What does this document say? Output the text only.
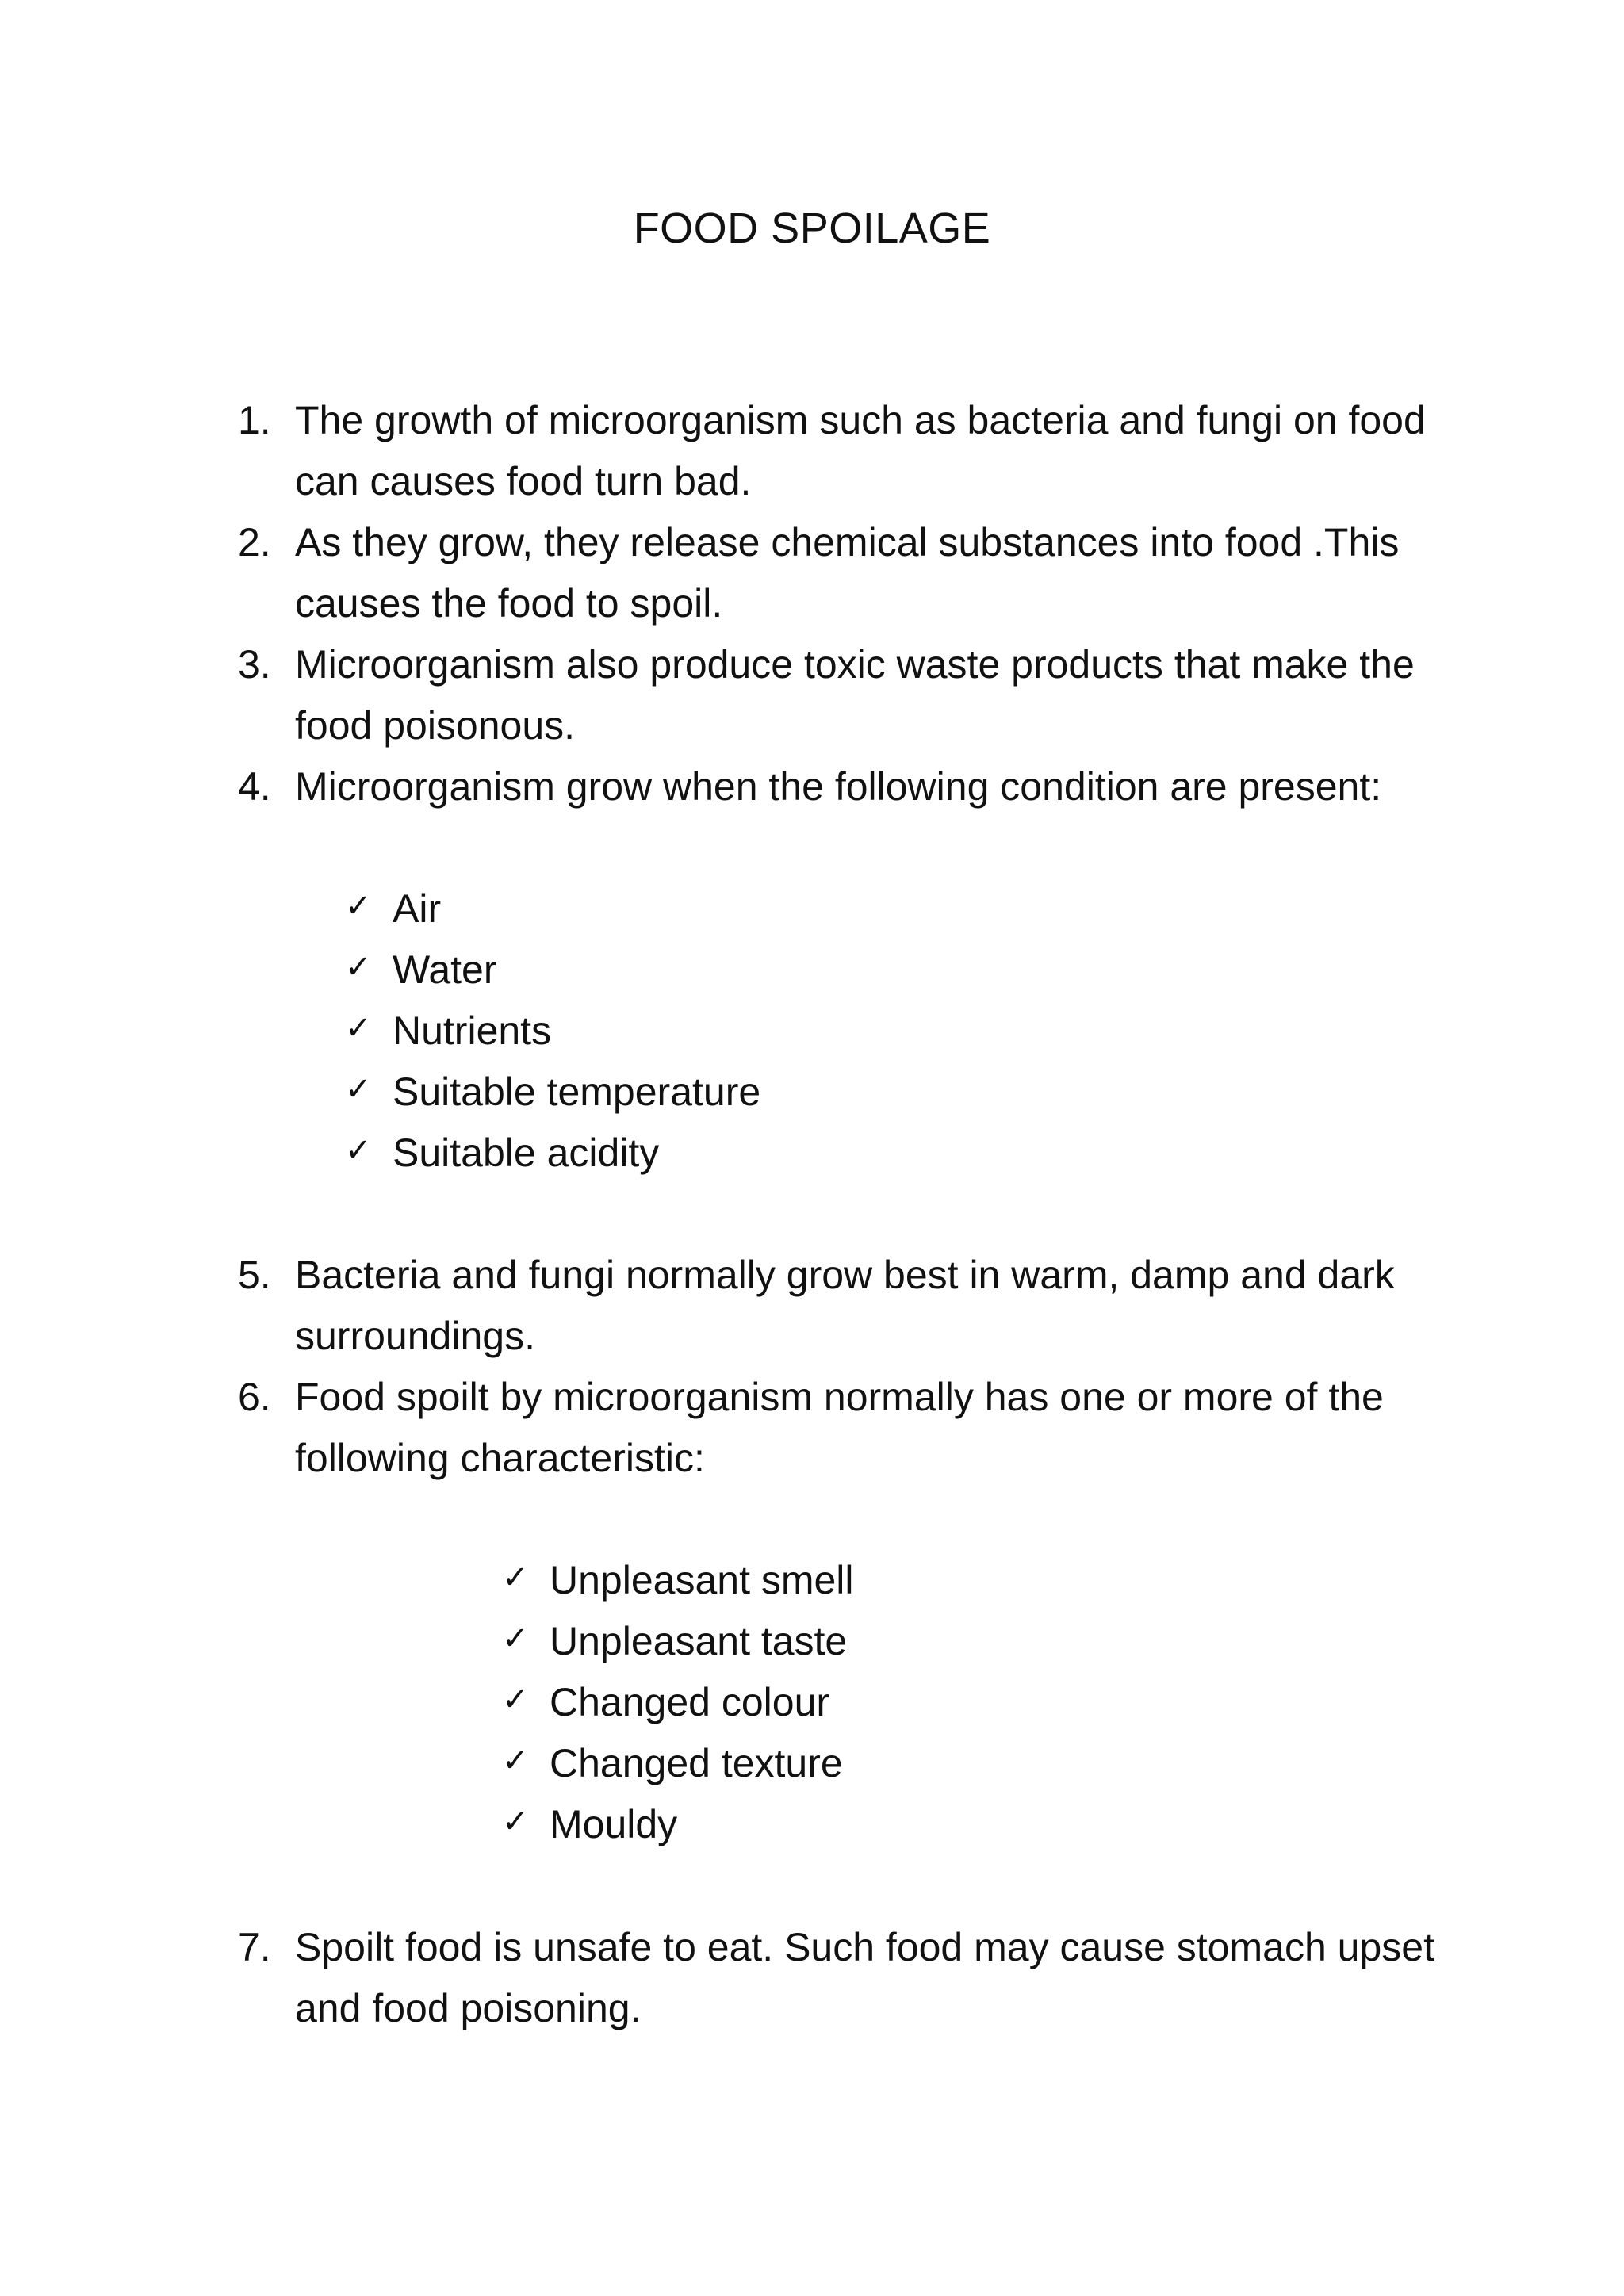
FOOD SPOILAGE
1. The growth of microorganism such as bacteria and fungi on food can causes food turn bad.
2. As they grow, they release chemical substances into food .This causes the food to spoil.
3. Microorganism also produce toxic waste products that make the food poisonous.
4. Microorganism grow when the following condition are present:
✓ Air
✓ Water
✓ Nutrients
✓ Suitable temperature
✓ Suitable acidity
5. Bacteria and fungi normally grow best in warm, damp and dark surroundings.
6. Food spoilt by microorganism normally has one or more of the following characteristic:
✓ Unpleasant smell
✓ Unpleasant taste
✓ Changed colour
✓ Changed texture
✓ Mouldy
7. Spoilt food is unsafe to eat. Such food may cause stomach upset and food poisoning.
